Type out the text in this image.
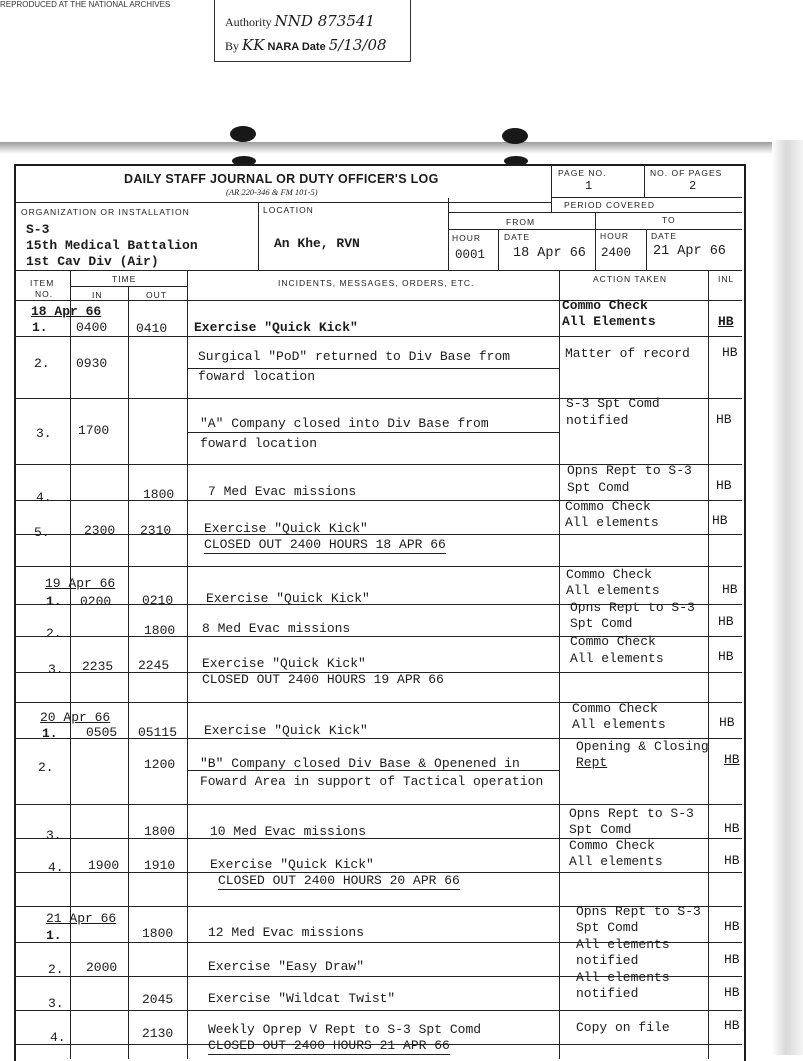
REPRODUCED AT THE NATIONAL ARCHIVES
Authority NND 873541
By KK NARA Date 5/13/08
DAILY STAFF JOURNAL OR DUTY OFFICER'S LOG
(AR 220-346 & FM 101-5)
PAGE NO.
1
NO. OF PAGES
2
ORGANIZATION OR INSTALLATION	LOCATION	PERIOD COVERED
FROM	TO
HOUR	DATE	HOUR	DATE
0001 18 Apr 66 2400 21 Apr 66
S-3
15th Medical Battalion
1st Cav Div (Air)
An Khe, RVN
ITEM
NO.
TIME
IN	OUT
INCIDENTS, MESSAGES, ORDERS, ETC.	ACTION TAKEN	INL
18 Apr 66
1. 0400 0410 Exercise "Quick Kick"
Commo Check
All Elements	HB
2. 0930	Surgical "PoD" returned to Div Base from
foward location
Matter of record HB
3. 1700	"A" Company closed into Div Base from
foward location
S-3 Spt Comd
notified	HB
4.	1800	7 Med Evac missions
Opns Rept to S-3
Spt Comd	HB
5.	2300 2310	Exercise "Quick Kick"
CLOSED OUT 2400 HOURS 18 APR 66
Commo Check
All elements	HB
19 Apr 66
1. 0200 0210	Exercise "Quick Kick"
Commo Check
All elements	HB
2.	1800 8 Med Evac missions
Opns Rept to S-3
Spt Comd	HB
3. 2235 2245	Exercise "Quick Kick"
CLOSED OUT 2400 HOURS 19 APR 66
Commo Check
All elements	HB
20 Apr 66
1. 0505 05115 Exercise "Quick Kick"
Commo Check
All elements	HB
2.	1200 "B" Company closed Div Base & Openened in
Foward Area in support of Tactical operation
Opening & Closing
Rept	HB
3.	1800	10 Med Evac missions
Opns Rept to S-3
Spt Comd	HB
4. 1900 1910	Exercise "Quick Kick"
CLOSED OUT 2400 HOURS 20 APR 66
Commo Check
All elements	HB
21 Apr 66
1.	1800	12 Med Evac missions
Opns Rept to S-3
Spt Comd	HB
2. 2000	Exercise "Easy Draw"
All elements
notified	HB
3.	2045	Exercise "Wildcat Twist"
All elements
notified	HB
4.	2130	Weekly Oprep V Rept to S-3 Spt Comd
CLOSED OUT 2400 HOURS 21 APR 66
Copy on file	HB
